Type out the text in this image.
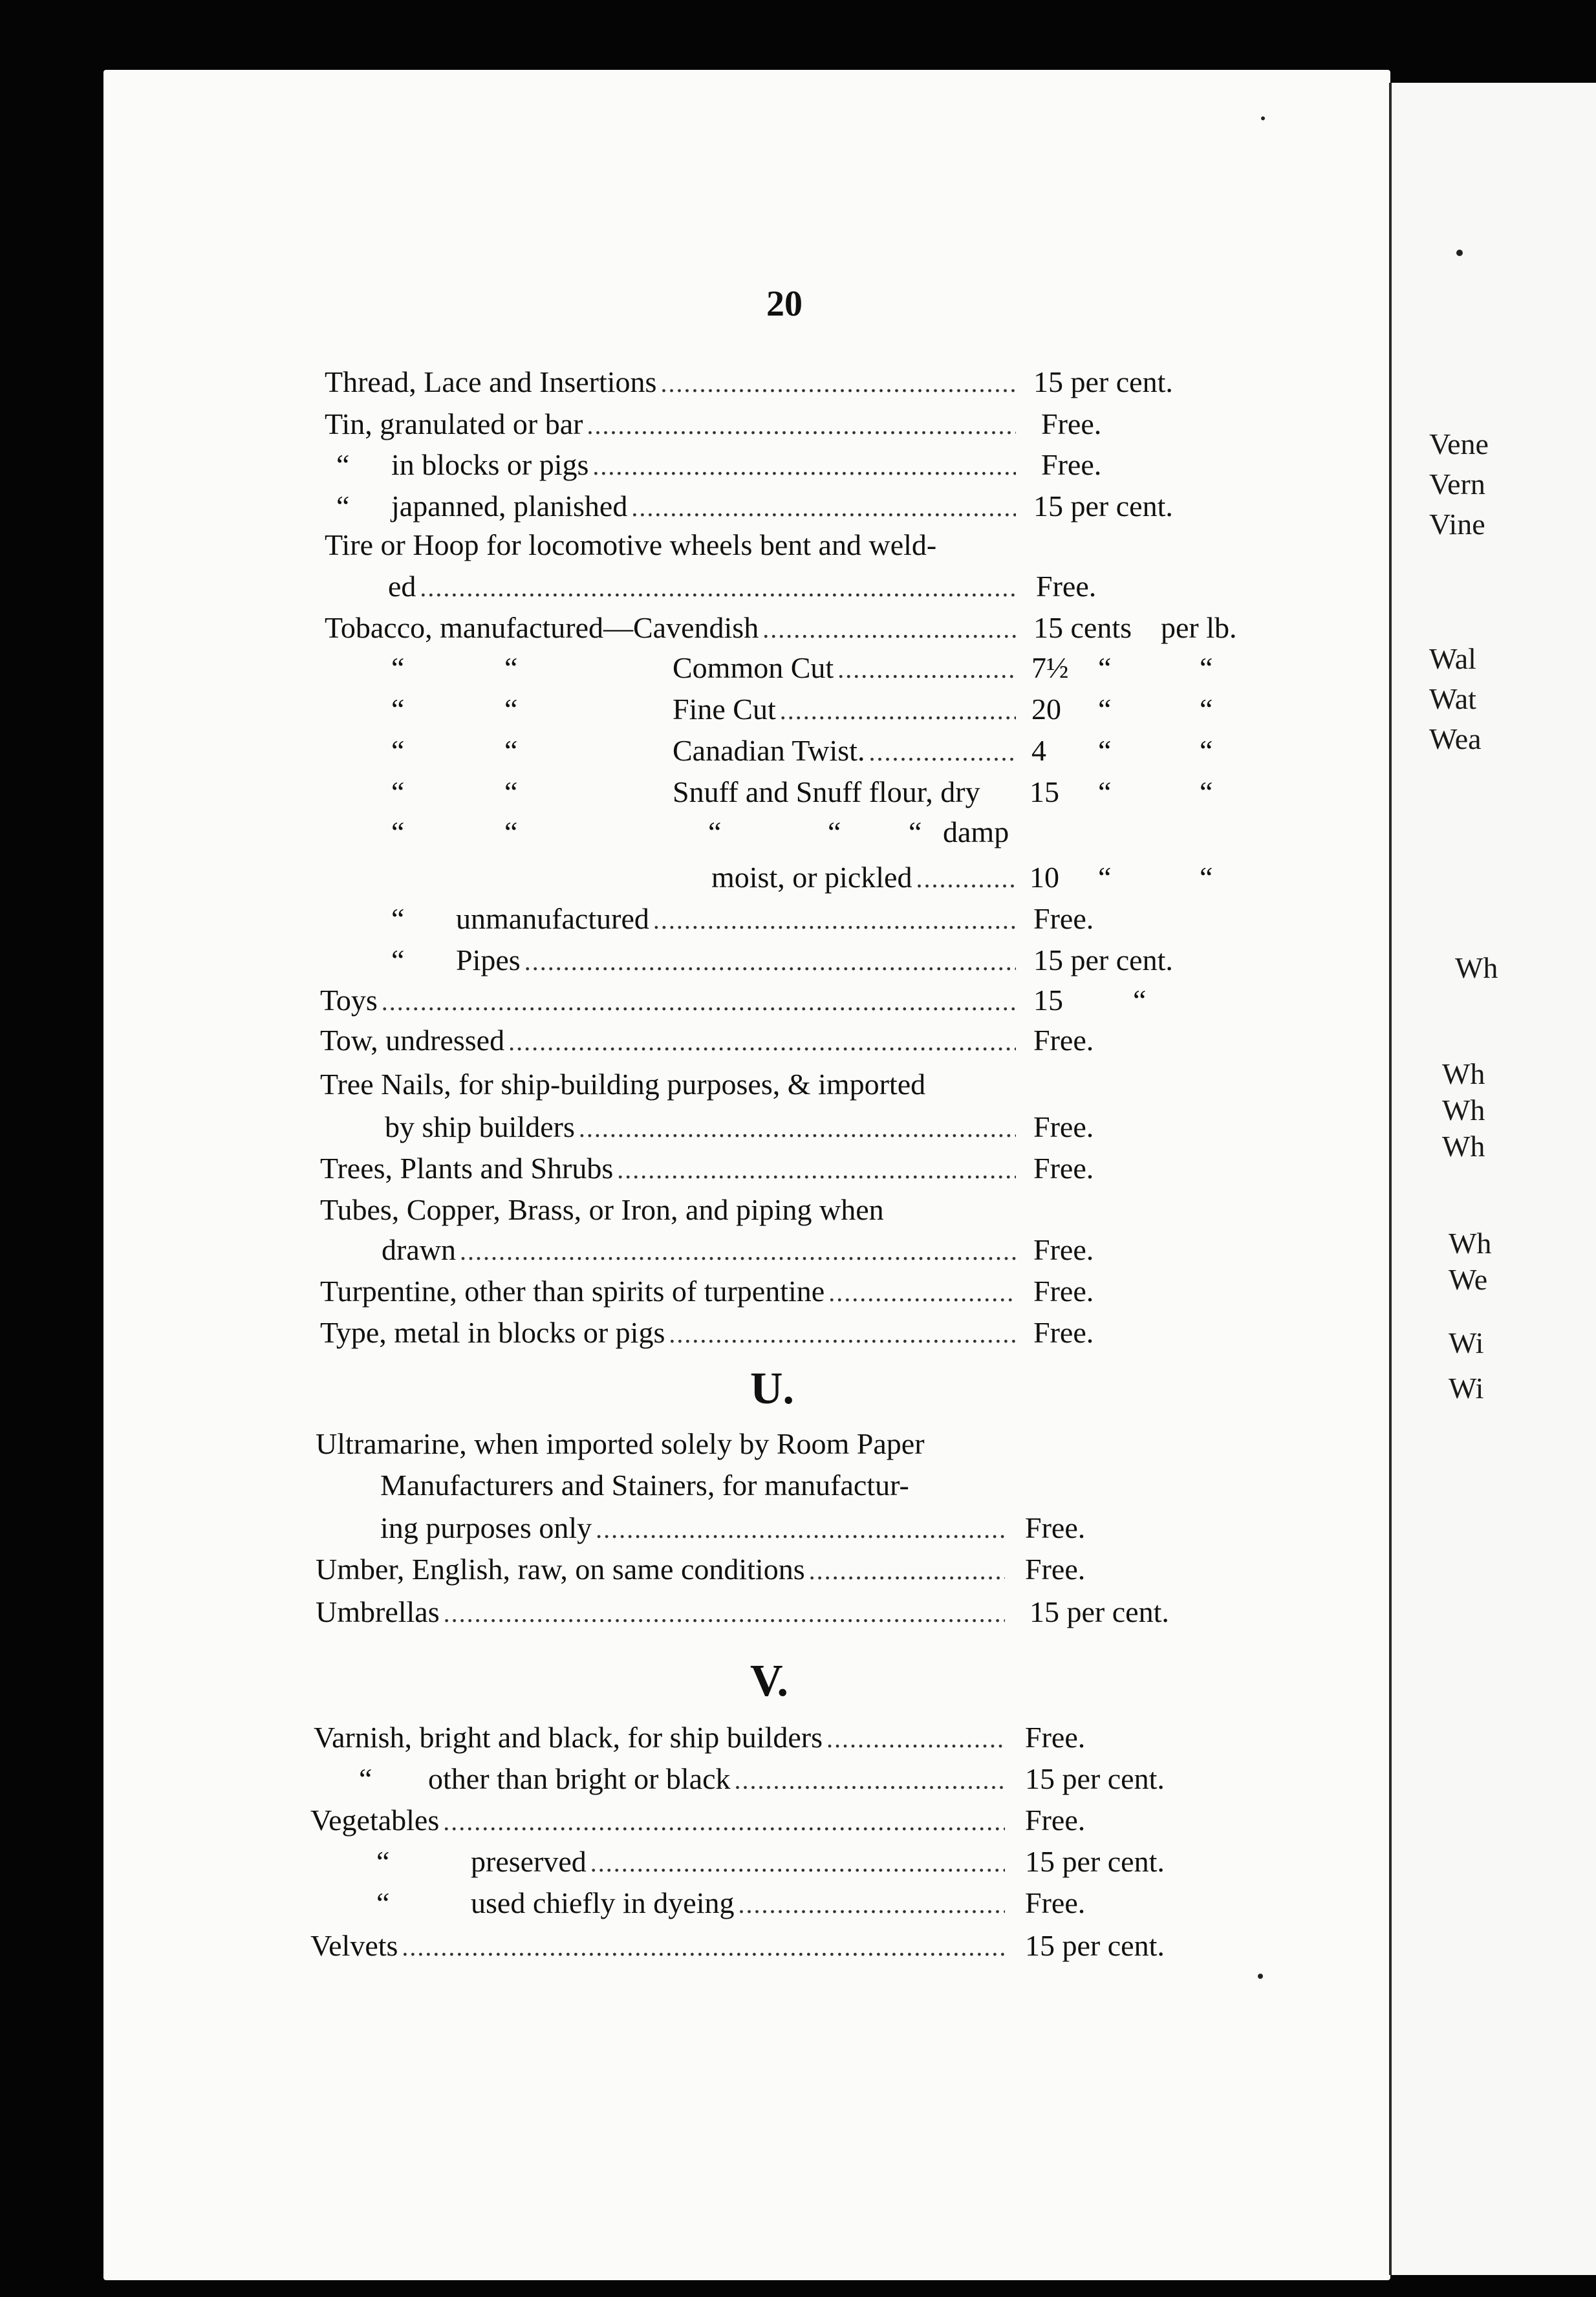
Vene
Vern
Vine
Wal
Wat
Wea
Wh
Wh
Wh
Wh
Wh
We
Wi
Wi
20
Thread, Lace and Insertions .....	15 per cent.
Tin, granulated or bar .....	Free.
“ in blocks or pigs .....	Free.
“ japanned, planished .....	15 per cent.
Tire or Hoop for locomotive wheels bent and weld-
ed .....	Free.
Tobacco, manufactured—Cavendish .....	15 cents per lb.
“	“	Common Cut .....	7½ “	“
“	“	Fine Cut .....	20 “	“
“	“	Canadian Twist. .....	4 “	“
“	“	Snuff and Snuff flour, dry 15 “	“
“	“	“	“ “ damp
moist, or pickled .....	10 “	“
“ unmanufactured .....	Free.
“ Pipes .....	15 per cent.
Toys .....	15 “
Tow, undressed .....	Free.
Tree Nails, for ship-building purposes, & imported
by ship builders .....	Free.
Trees, Plants and Shrubs .....	Free.
Tubes, Copper, Brass, or Iron, and piping when
drawn .....	Free.
Turpentine, other than spirits of turpentine .....	Free.
Type, metal in blocks or pigs .....	Free.
U.
Ultramarine, when imported solely by Room Paper
Manufacturers and Stainers, for manufactur-
ing purposes only .....	Free.
Umber, English, raw, on same conditions .....	Free.
Umbrellas .....	15 per cent.
V.
Varnish, bright and black, for ship builders .....	Free.
“ other than bright or black .....	15 per cent.
Vegetables .....	Free.
“	preserved .....	15 per cent.
“	used chiefly in dyeing .....	Free.
Velvets .....	15 per cent.
